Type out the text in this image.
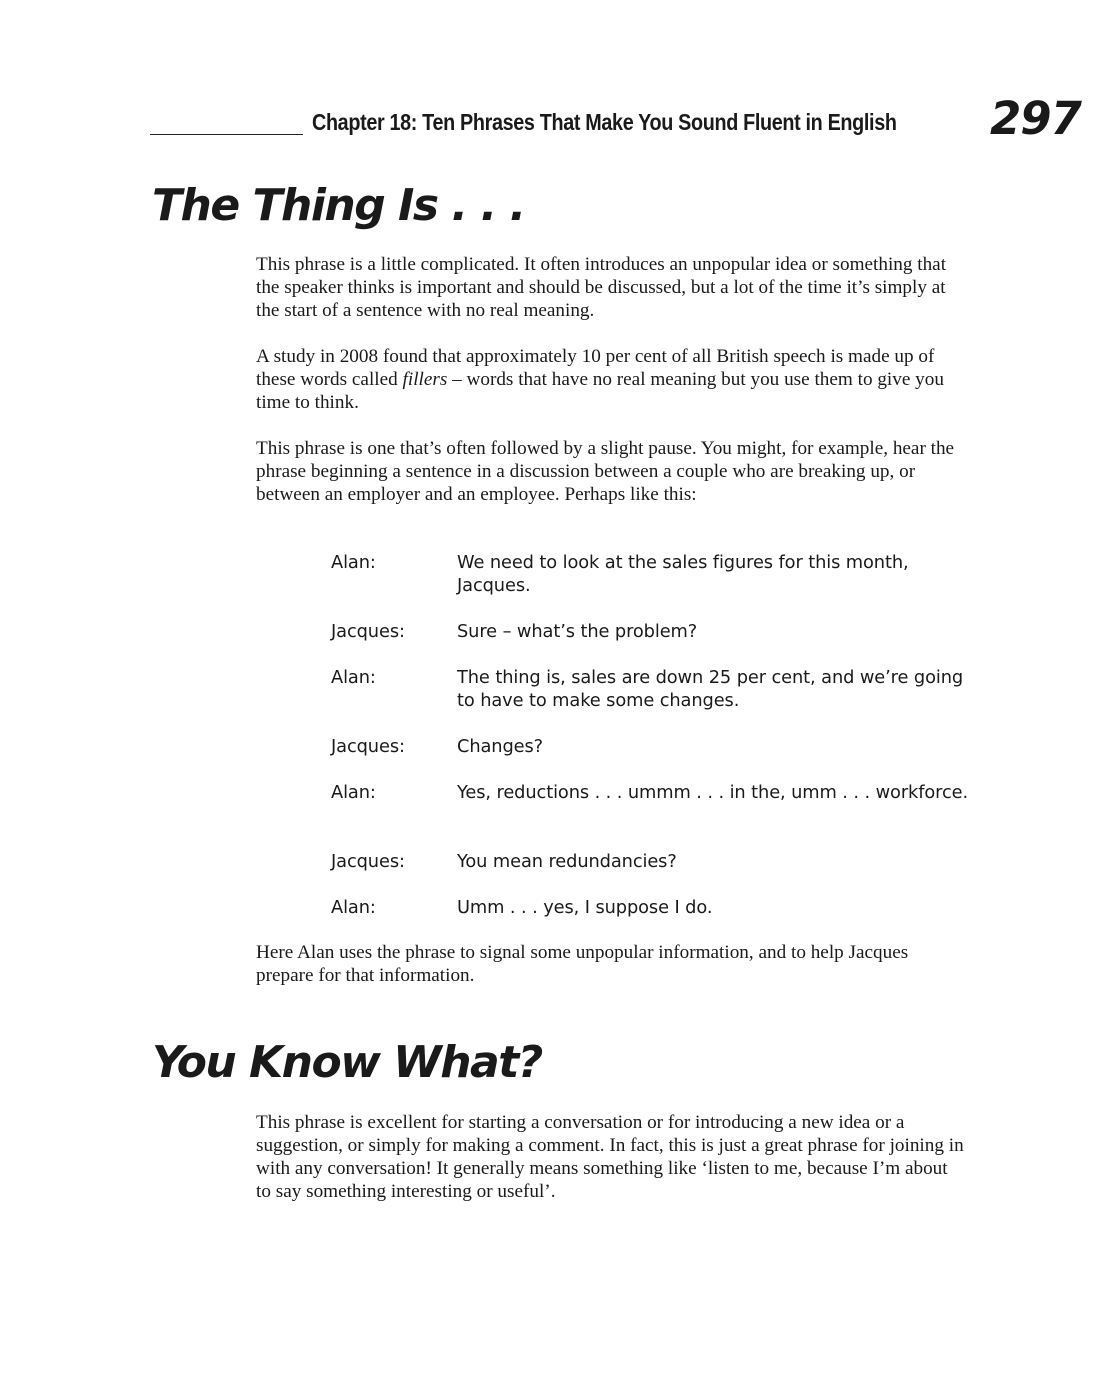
Chapter 18: Ten Phrases That Make You Sound Fluent in English 297
The Thing Is . . .

This phrase is a little complicated. It often introduces an unpopular idea or something that the speaker thinks is important and should be discussed, but a lot of the time it’s simply at the start of a sentence with no real meaning.

A study in 2008 found that approximately 10 per cent of all British speech is made up of these words called fillers – words that have no real meaning but you use them to give you time to think.

This phrase is one that’s often followed by a slight pause. You might, for example, hear the phrase beginning a sentence in a discussion between a couple who are breaking up, or between an employer and an employee. Perhaps like this:

Alan:	We need to look at the sales figures for this month, Jacques.
Jacques:	Sure – what’s the problem?
Alan:	The thing is, sales are down 25 per cent, and we’re going to have to make some changes.
Jacques:	Changes?
Alan:	Yes, reductions . . . ummm . . . in the, umm . . . workforce.
Jacques:	You mean redundancies?
Alan:	Umm . . . yes, I suppose I do.

Here Alan uses the phrase to signal some unpopular information, and to help Jacques prepare for that information.

You Know What?

This phrase is excellent for starting a conversation or for introducing a new idea or a suggestion, or simply for making a comment. In fact, this is just a great phrase for joining in with any conversation! It generally means something like ‘listen to me, because I’m about to say something interesting or useful’.
